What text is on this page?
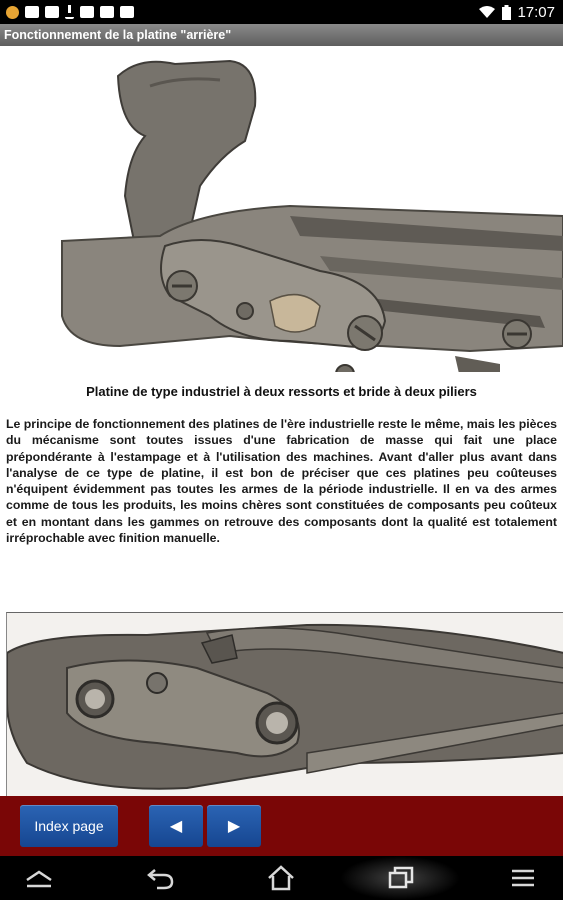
17:07
Fonctionnement de la platine "arrière"
Platine de type industriel à deux ressorts et bride à deux piliers

Le principe de fonctionnement des platines de l'ère industrielle reste le même, mais les pièces du mécanisme sont toutes issues d'une fabrication de masse qui fait une place prépondérante à l'estampage et à l'utilisation des machines. Avant d'aller plus avant dans l'analyse de ce type de platine, il est bon de préciser que ces platines peu coûteuses n'équipent évidemment pas toutes les armes de la période industrielle. Il en va des armes comme de tous les produits, les moins chères sont constituées de composants peu coûteux et en montant dans les gammes on retrouve des composants dont la qualité est totalement irréprochable avec finition manuelle.

Index page	◀	▶
